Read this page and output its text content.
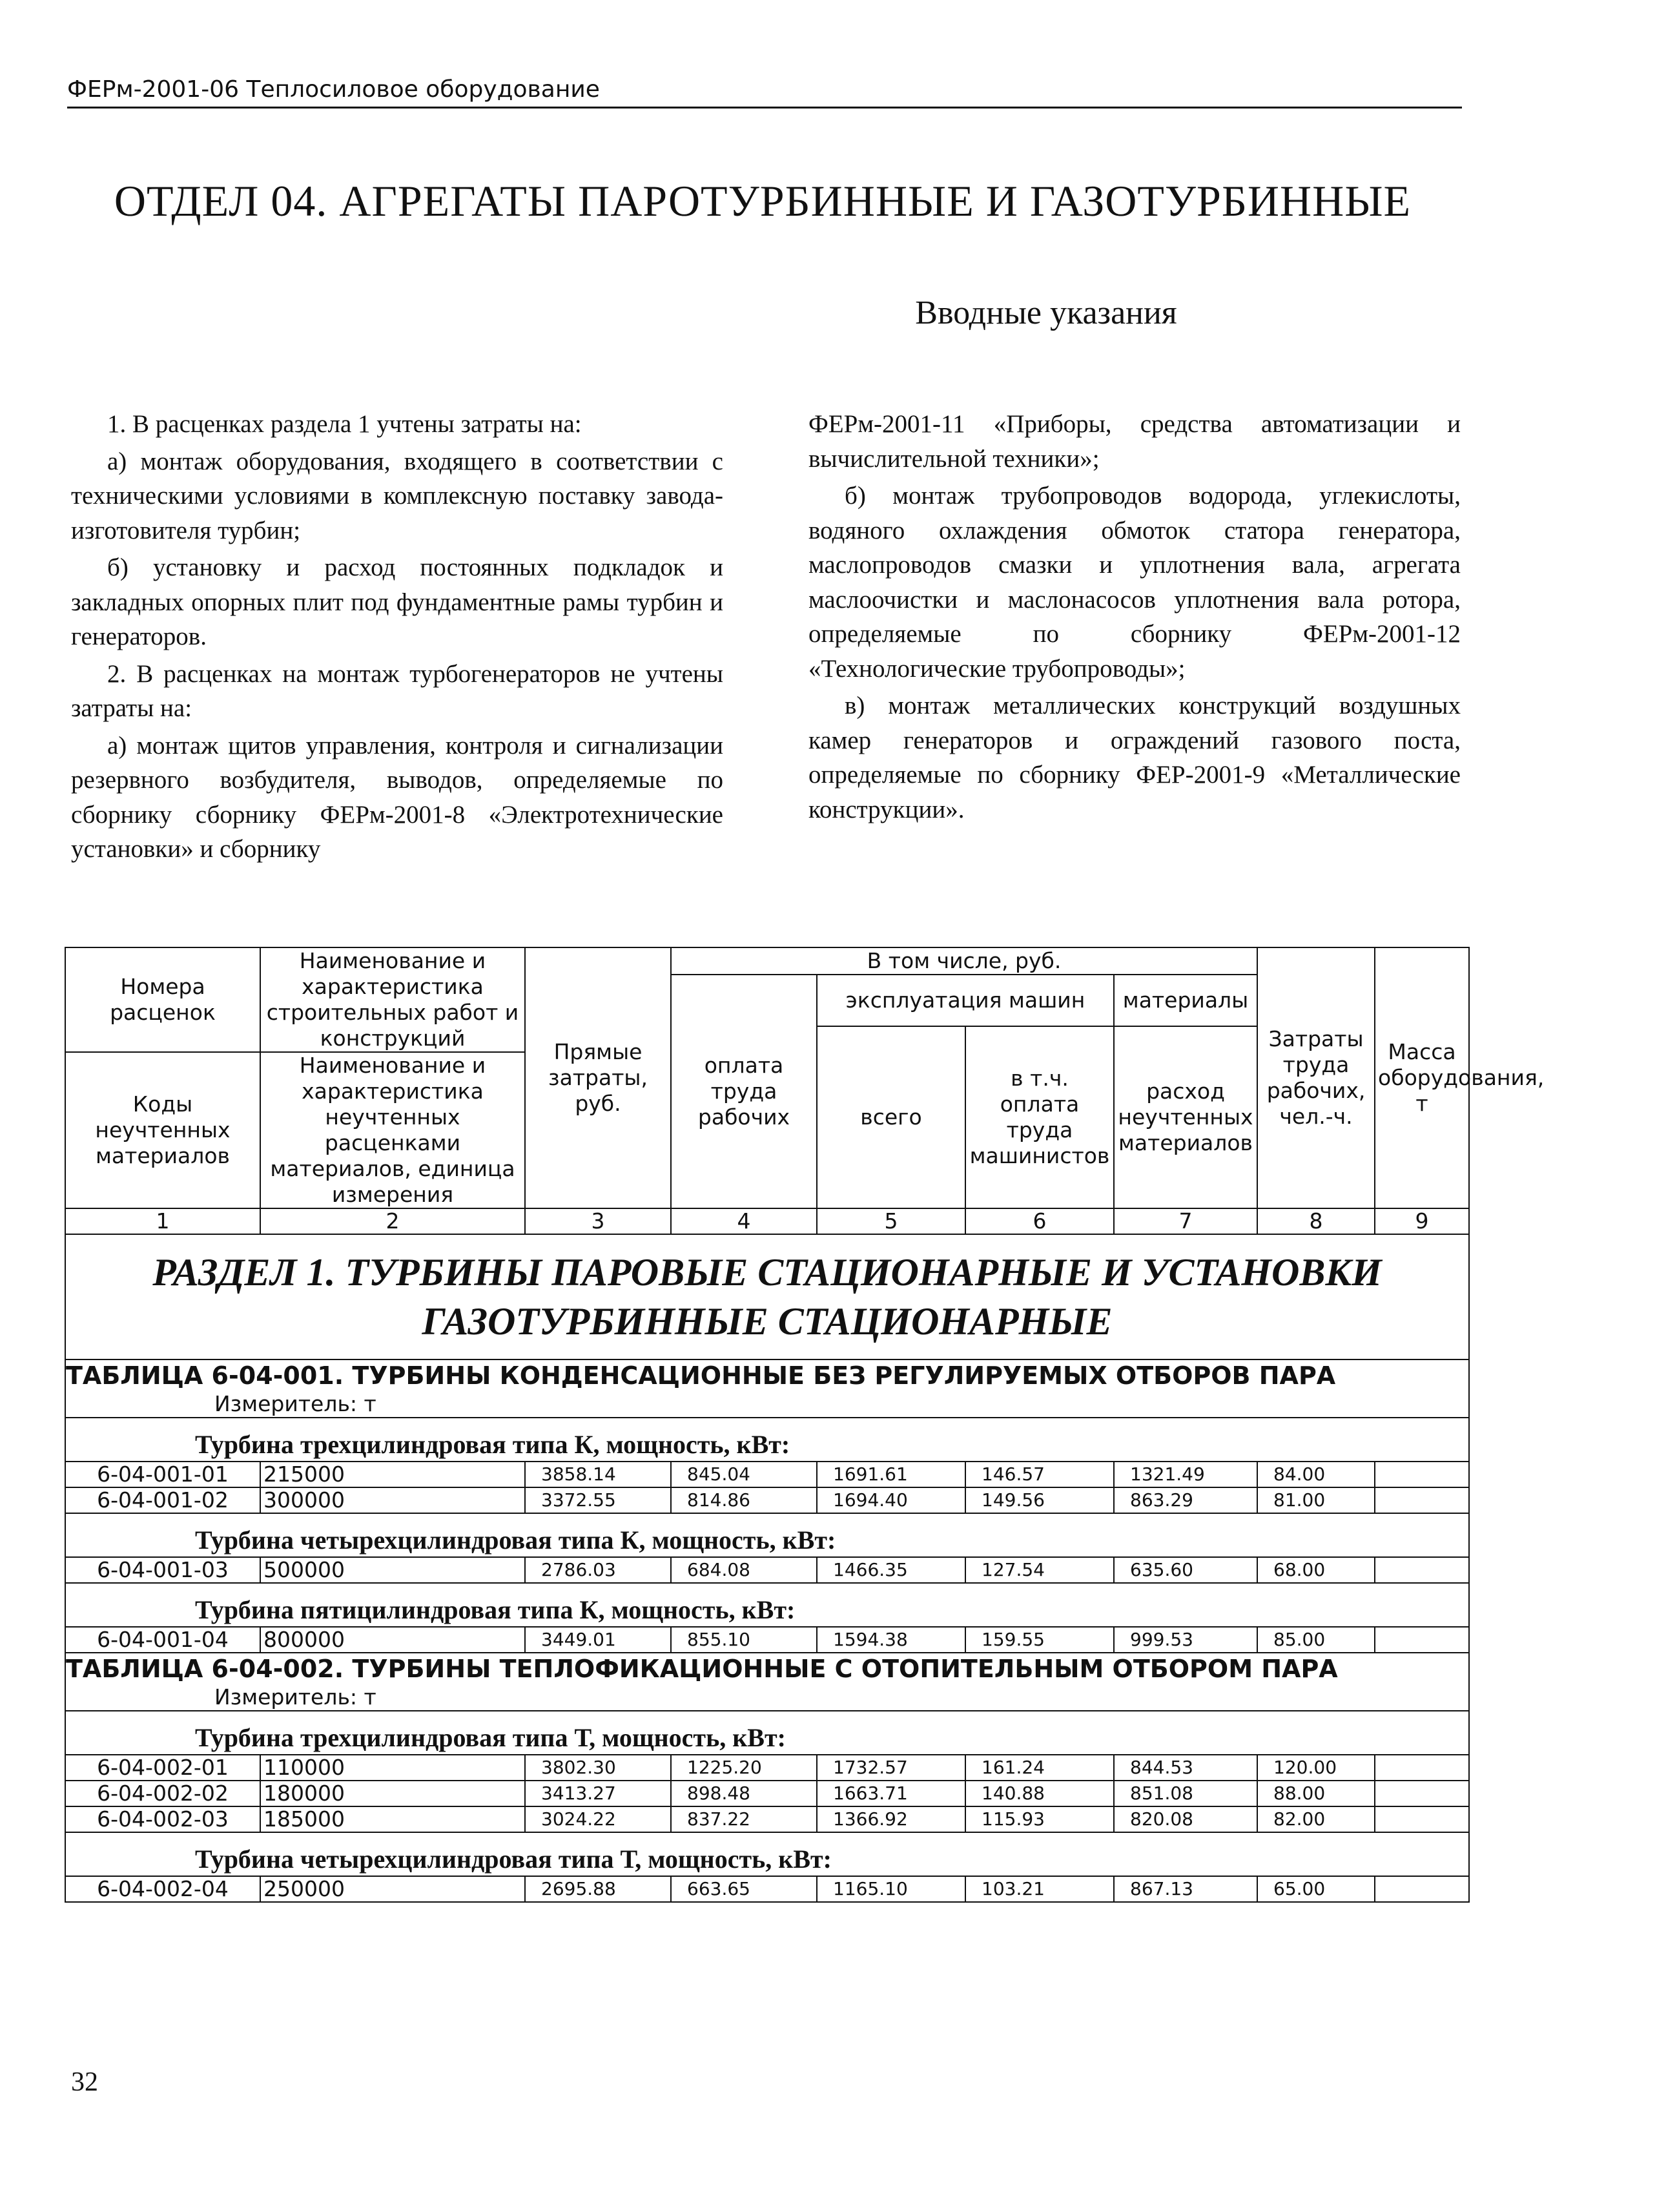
ФЕРм-2001-06 Теплосиловое оборудование
ОТДЕЛ 04. АГРЕГАТЫ ПАРОТУРБИННЫЕ И ГАЗОТУРБИННЫЕ
Вводные указания

1. В расценках раздела 1 учтены затраты на:

а) монтаж оборудования, входящего в соответствии с техническими условиями в комплексную поставку завода-изготовителя турбин;

б) установку и расход постоянных подкладок и закладных опорных плит под фундаментные рамы турбин и генераторов.

2. В расценках на монтаж турбогенераторов не учтены затраты на:

а) монтаж щитов управления, контроля и сигнализации резервного возбудителя, выводов, определяемые по сборнику сборнику ФЕРм-2001-8 «Электротехнические установки» и сборнику

ФЕРм-2001-11 «Приборы, средства автоматизации и вычислительной техники»;

б) монтаж трубопроводов водорода, углекислоты, водяного охлаждения обмоток статора генератора, маслопроводов смазки и уплотнения вала, агрегата маслоочистки и маслонасосов уплотнения вала ротора, определяемые по сборнику ФЕРм-2001-12 «Технологические трубопроводы»;

в) монтаж металлических конструкций воздушных камер генераторов и ограждений газового поста, определяемые по сборнику ФЕР-2001-9 «Металлические конструкции».

Номера расценок	Наименование и характеристика строительных работ и конструкций	Прямые затраты, руб.	В том числе, руб.				Затраты труда рабочих, чел.-ч.	Масса оборудования, т
			оплата труда рабочих	эксплуатация машин		материалы		
				всего	в т.ч. оплата труда машинистов	расход неучтенных материалов		
Коды неучтенных материалов	Наименование и характеристика неучтенных расценками материалов, единица измерения							

1	2	3	4	5	6	7	8	9
РАЗДЕЛ 1. ТУРБИНЫ ПАРОВЫЕ СТАЦИОНАРНЫЕ И УСТАНОВКИ ГАЗОТУРБИННЫЕ СТАЦИОНАРНЫЕ								
ТАБЛИЦА 6-04-001. ТУРБИНЫ КОНДЕНСАЦИОННЫЕ БЕЗ РЕГУЛИРУЕМЫХ ОТБОРОВ ПАРА								
Измеритель: т								
Турбина трехцилиндровая типа К, мощность, кВт:								
6-04-001-01	215000	3858.14	845.04	1691.61	146.57	1321.49	84.00	
6-04-001-02	300000	3372.55	814.86	1694.40	149.56	863.29	81.00	
Турбина четырехцилиндровая типа К, мощность, кВт:								
6-04-001-03	500000	2786.03	684.08	1466.35	127.54	635.60	68.00	
Турбина пятицилиндровая типа К, мощность, кВт:								
6-04-001-04	800000	3449.01	855.10	1594.38	159.55	999.53	85.00	
ТАБЛИЦА 6-04-002. ТУРБИНЫ ТЕПЛОФИКАЦИОННЫЕ С ОТОПИТЕЛЬНЫМ ОТБОРОМ ПАРА								
Измеритель: т								
Турбина трехцилиндровая типа Т, мощность, кВт:								
6-04-002-01	110000	3802.30	1225.20	1732.57	161.24	844.53	120.00	
6-04-002-02	180000	3413.27	898.48	1663.71	140.88	851.08	88.00	
6-04-002-03	185000	3024.22	837.22	1366.92	115.93	820.08	82.00	
Турбина четырехцилиндровая типа Т, мощность, кВт:								
6-04-002-04	250000	2695.88	663.65	1165.10	103.21	867.13	65.00	
32
